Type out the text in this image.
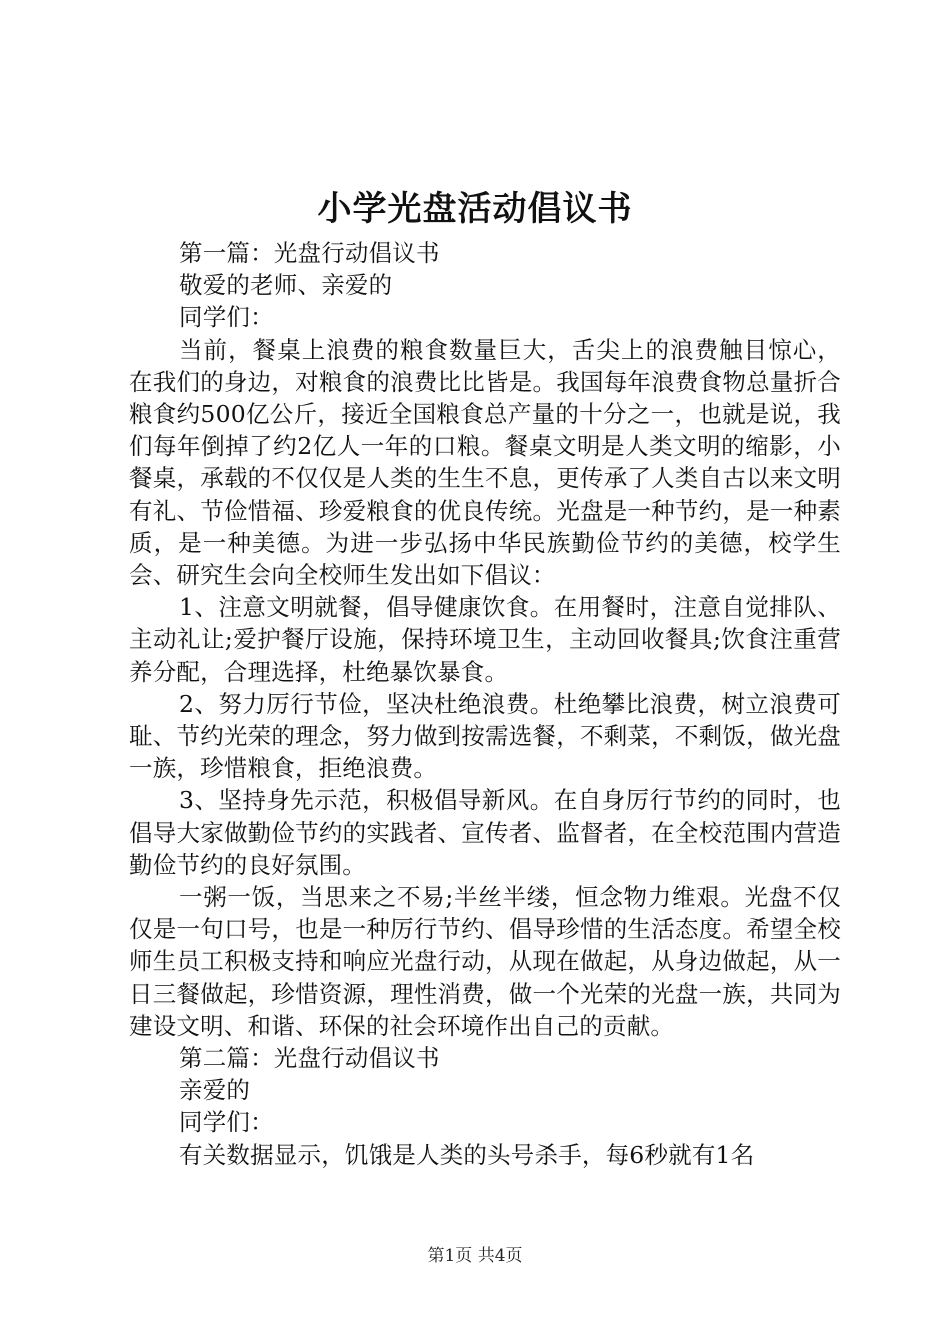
小学光盘活动倡议书

第一篇：光盘行动倡议书

敬爱的老师、亲爱的

同学们：

当前，餐桌上浪费的粮食数量巨大，舌尖上的浪费触目惊心，在我们的身边，对粮食的浪费比比皆是。我国每年浪费食物总量折合粮食约500亿公斤，接近全国粮食总产量的十分之一，也就是说，我们每年倒掉了约2亿人一年的口粮。餐桌文明是人类文明的缩影，小餐桌，承载的不仅仅是人类的生生不息，更传承了人类自古以来文明有礼、节俭惜福、珍爱粮食的优良传统。光盘是一种节约，是一种素质，是一种美德。为进一步弘扬中华民族勤俭节约的美德，校学生会、研究生会向全校师生发出如下倡议：

1、注意文明就餐，倡导健康饮食。在用餐时，注意自觉排队、主动礼让;爱护餐厅设施，保持环境卫生，主动回收餐具;饮食注重营养分配，合理选择，杜绝暴饮暴食。

2、努力厉行节俭，坚决杜绝浪费。杜绝攀比浪费，树立浪费可耻、节约光荣的理念，努力做到按需选餐，不剩菜，不剩饭，做光盘一族，珍惜粮食，拒绝浪费。

3、坚持身先示范，积极倡导新风。在自身厉行节约的同时，也倡导大家做勤俭节约的实践者、宣传者、监督者，在全校范围内营造勤俭节约的良好氛围。

一粥一饭，当思来之不易;半丝半缕，恒念物力维艰。光盘不仅仅是一句口号，也是一种厉行节约、倡导珍惜的生活态度。希望全校师生员工积极支持和响应光盘行动，从现在做起，从身边做起，从一日三餐做起，珍惜资源，理性消费，做一个光荣的光盘一族，共同为建设文明、和谐、环保的社会环境作出自己的贡献。

第二篇：光盘行动倡议书

亲爱的

同学们：

有关数据显示，饥饿是人类的头号杀手，每6秒就有1名

第1页 共4页
